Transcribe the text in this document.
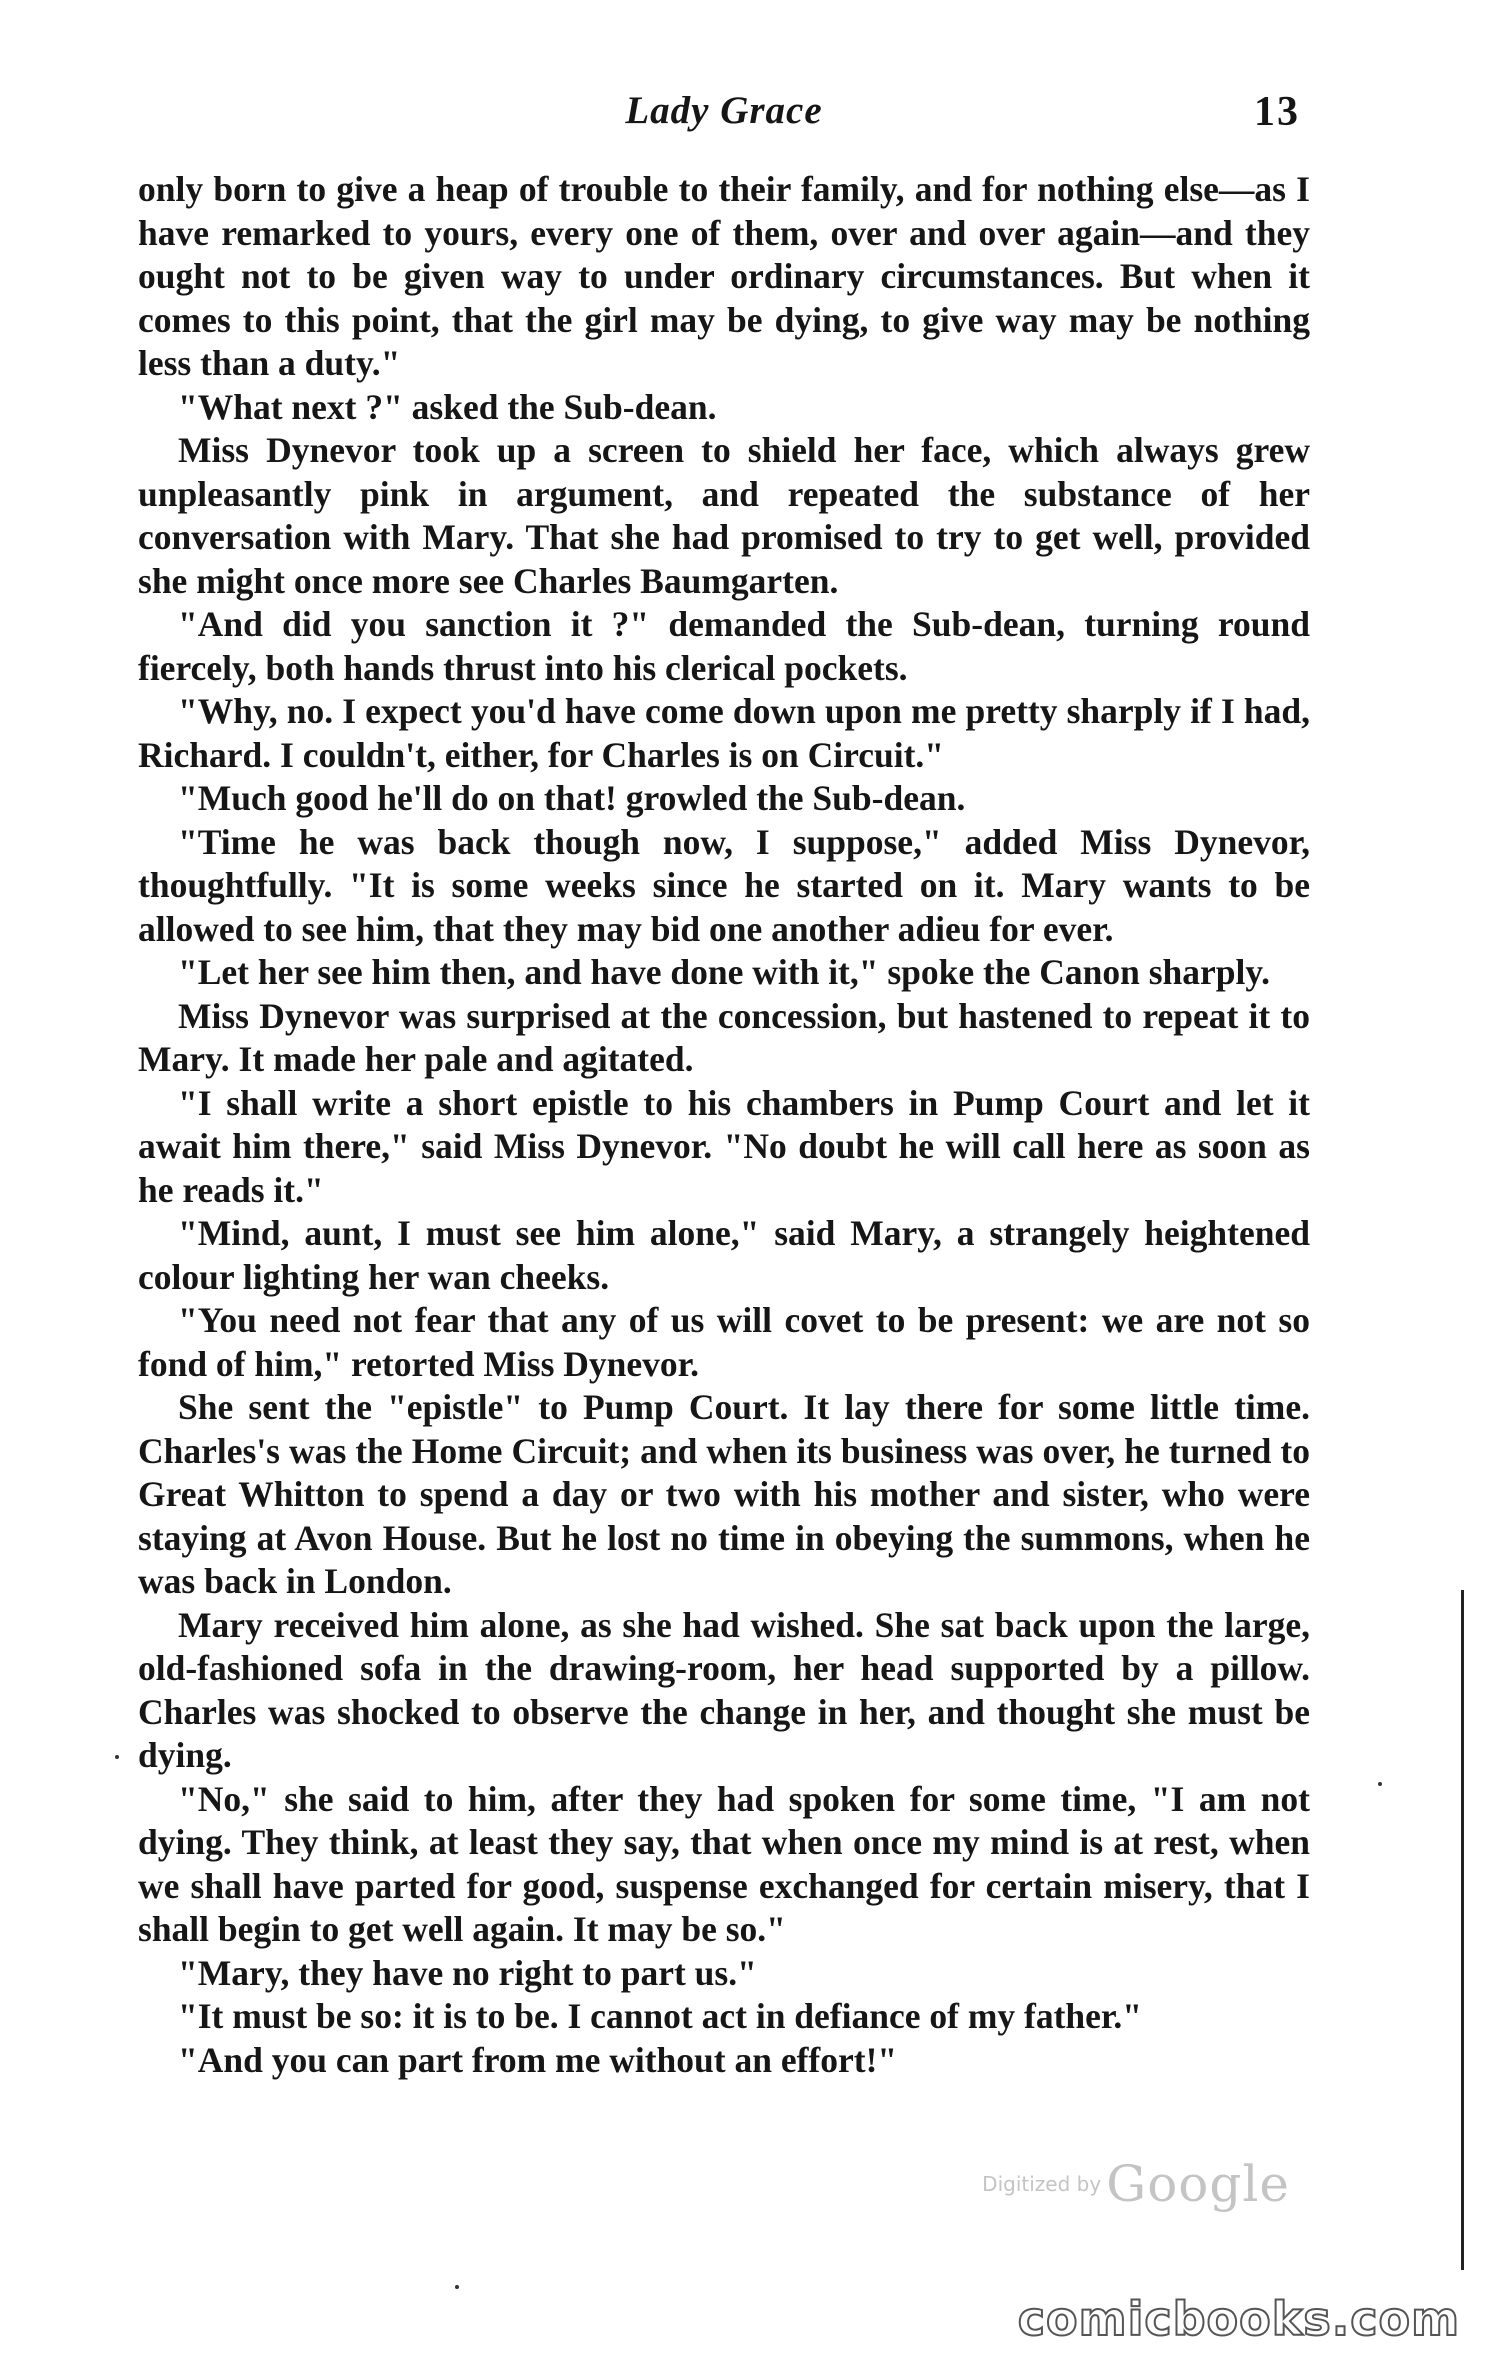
Lady Grace	13

only born to give a heap of trouble to their family, and for nothing else—as I have remarked to yours, every one of them, over and over again—and they ought not to be given way to under ordinary circumstances. But when it comes to this point, that the girl may be dying, to give way may be nothing less than a duty."

"What next ?" asked the Sub-dean.

Miss Dynevor took up a screen to shield her face, which always grew unpleasantly pink in argument, and repeated the substance of her conversation with Mary. That she had promised to try to get well, provided she might once more see Charles Baumgarten.

"And did you sanction it ?" demanded the Sub-dean, turning round fiercely, both hands thrust into his clerical pockets.

"Why, no. I expect you'd have come down upon me pretty sharply if I had, Richard. I couldn't, either, for Charles is on Circuit."

"Much good he'll do on that! growled the Sub-dean.

"Time he was back though now, I suppose," added Miss Dynevor, thoughtfully. "It is some weeks since he started on it. Mary wants to be allowed to see him, that they may bid one another adieu for ever.

"Let her see him then, and have done with it," spoke the Canon sharply.

Miss Dynevor was surprised at the concession, but hastened to repeat it to Mary. It made her pale and agitated.

"I shall write a short epistle to his chambers in Pump Court and let it await him there," said Miss Dynevor. "No doubt he will call here as soon as he reads it."

"Mind, aunt, I must see him alone," said Mary, a strangely heightened colour lighting her wan cheeks.

"You need not fear that any of us will covet to be present: we are not so fond of him," retorted Miss Dynevor.

She sent the "epistle" to Pump Court. It lay there for some little time. Charles's was the Home Circuit; and when its business was over, he turned to Great Whitton to spend a day or two with his mother and sister, who were staying at Avon House. But he lost no time in obeying the summons, when he was back in London.

Mary received him alone, as she had wished. She sat back upon the large, old-fashioned sofa in the drawing-room, her head supported by a pillow. Charles was shocked to observe the change in her, and thought she must be dying.

"No," she said to him, after they had spoken for some time, "I am not dying. They think, at least they say, that when once my mind is at rest, when we shall have parted for good, suspense exchanged for certain misery, that I shall begin to get well again. It may be so."

"Mary, they have no right to part us."

"It must be so: it is to be. I cannot act in defiance of my father."

"And you can part from me without an effort!"

Digitized by Google
comicbooks.com
